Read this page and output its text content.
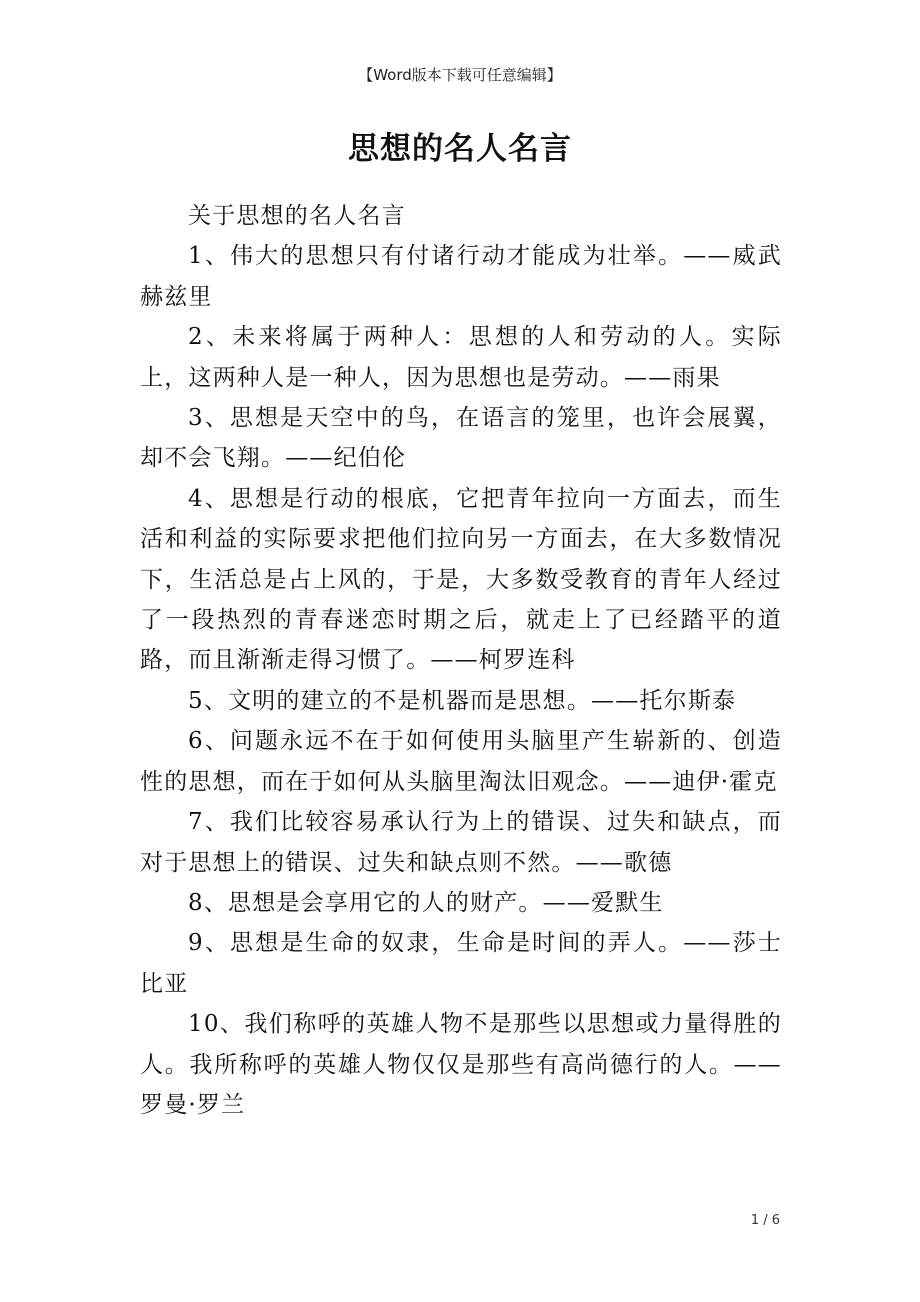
【Word版本下载可任意编辑】
思想的名人名言

关于思想的名人名言

1、伟大的思想只有付诸行动才能成为壮举。——威武赫兹里

2、未来将属于两种人：思想的人和劳动的人。实际上，这两种人是一种人，因为思想也是劳动。——雨果

3、思想是天空中的鸟，在语言的笼里，也许会展翼，却不会飞翔。——纪伯伦

4、思想是行动的根底，它把青年拉向一方面去，而生活和利益的实际要求把他们拉向另一方面去，在大多数情况下，生活总是占上风的，于是，大多数受教育的青年人经过了一段热烈的青春迷恋时期之后，就走上了已经踏平的道路，而且渐渐走得习惯了。——柯罗连科

5、文明的建立的不是机器而是思想。——托尔斯泰

6、问题永远不在于如何使用头脑里产生崭新的、创造性的思想，而在于如何从头脑里淘汰旧观念。——迪伊·霍克

7、我们比较容易承认行为上的错误、过失和缺点，而对于思想上的错误、过失和缺点则不然。——歌德

8、思想是会享用它的人的财产。——爱默生

9、思想是生命的奴隶，生命是时间的弄人。——莎士比亚

10、我们称呼的英雄人物不是那些以思想或力量得胜的人。我所称呼的英雄人物仅仅是那些有高尚德行的人。——罗曼·罗兰

1 / 6
